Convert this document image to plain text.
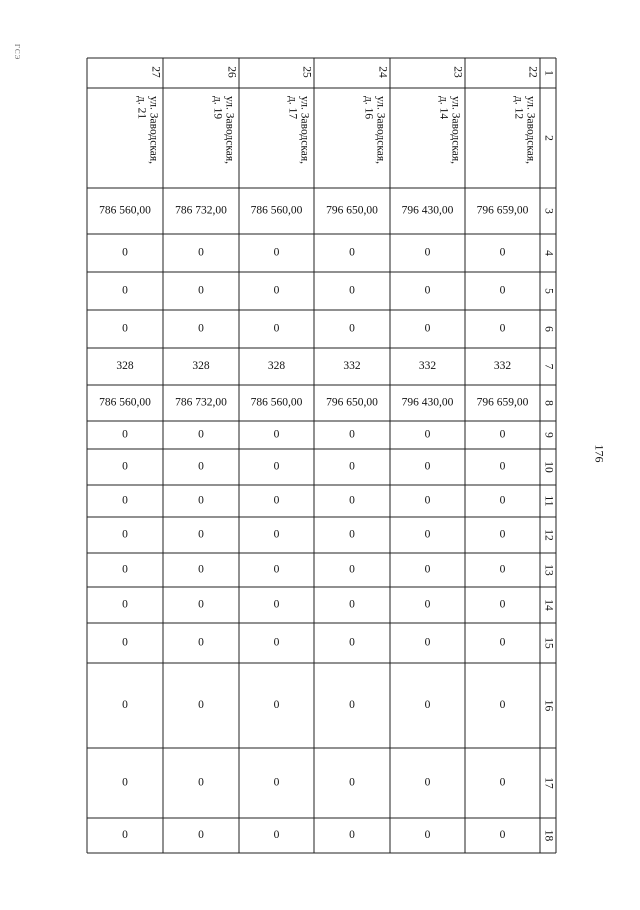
1
2
3
4
5
6
7
8
9
10
11
12
13
14
15
16
17
18
22
ул. Заводская,
д. 12
796 659,00
0
0
0
332
796 659,00
0
0
0
0
0
0
0
0
0
0
23
ул. Заводская,
д. 14
796 430,00
0
0
0
332
796 430,00
0
0
0
0
0
0
0
0
0
0
24
ул. Заводская,
д. 16
796 650,00
0
0
0
332
796 650,00
0
0
0
0
0
0
0
0
0
0
25
ул. Заводская,
д. 17
786 560,00
0
0
0
328
786 560,00
0
0
0
0
0
0
0
0
0
0
26
ул. Заводская,
д. 19
786 732,00
0
0
0
328
786 732,00
0
0
0
0
0
0
0
0
0
0
27
ул. Заводская,
д. 21
786 560,00
0
0
0
328
786 560,00
0
0
0
0
0
0
0
0
0
0
ГСЭ
176
